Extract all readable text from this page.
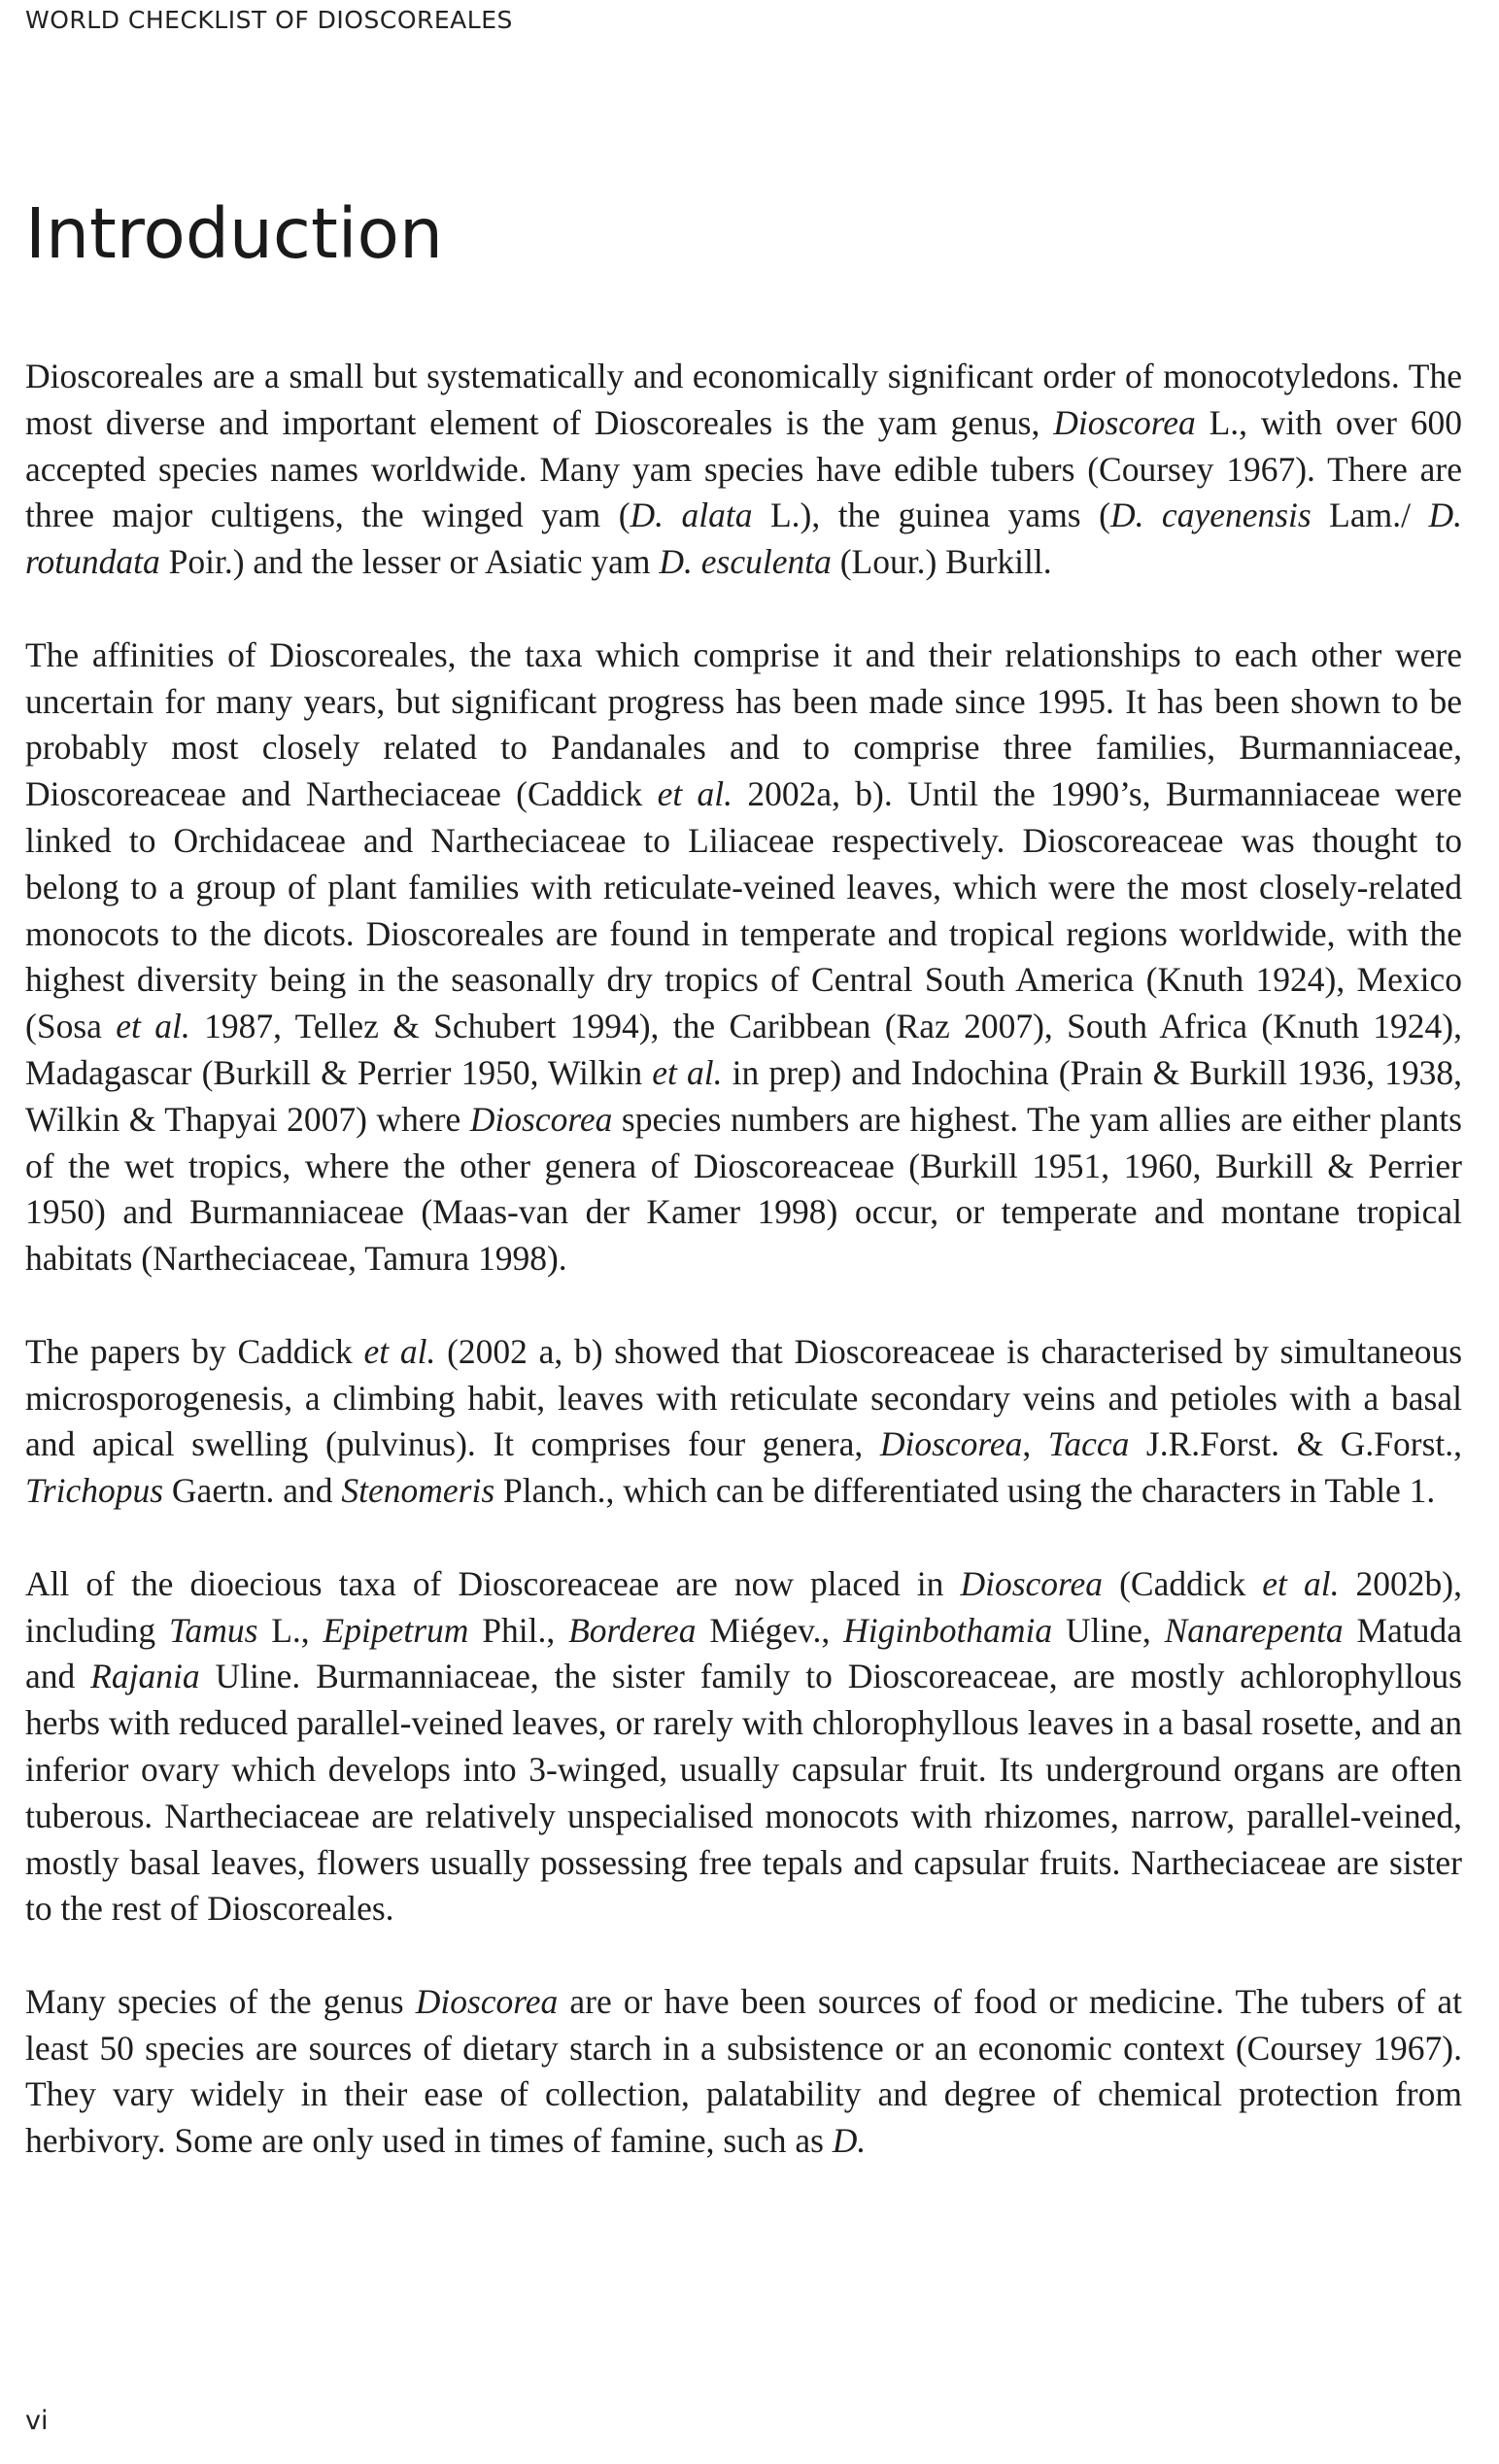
WORLD CHECKLIST OF DIOSCOREALES
Introduction

Dioscoreales are a small but systematically and economically significant order of monocotyledons. The most diverse and important element of Dioscoreales is the yam genus, Dioscorea L., with over 600 accepted species names worldwide. Many yam species have edible tubers (Coursey 1967). There are three major cultigens, the winged yam (D. alata L.), the guinea yams (D. cayenensis Lam./ D. rotundata Poir.) and the lesser or Asiatic yam D. esculenta (Lour.) Burkill.

The affinities of Dioscoreales, the taxa which comprise it and their relationships to each other were uncertain for many years, but significant progress has been made since 1995. It has been shown to be probably most closely related to Pandanales and to comprise three families, Burmanniaceae, Dioscoreaceae and Nartheciaceae (Caddick et al. 2002a, b). Until the 1990’s, Burmanniaceae were linked to Orchidaceae and Nartheciaceae to Liliaceae respectively. Dioscoreaceae was thought to belong to a group of plant families with reticulate-veined leaves, which were the most closely-related monocots to the dicots. Dioscoreales are found in temperate and tropical regions worldwide, with the highest diversity being in the seasonally dry tropics of Central South America (Knuth 1924), Mexico (Sosa et al. 1987, Tellez & Schubert 1994), the Caribbean (Raz 2007), South Africa (Knuth 1924), Madagascar (Burkill & Perrier 1950, Wilkin et al. in prep) and Indochina (Prain & Burkill 1936, 1938, Wilkin & Thapyai 2007) where Dioscorea species numbers are highest. The yam allies are either plants of the wet tropics, where the other genera of Dioscoreaceae (Burkill 1951, 1960, Burkill & Perrier 1950) and Burmanniaceae (Maas-van der Kamer 1998) occur, or temperate and montane tropical habitats (Nartheciaceae, Tamura 1998).

The papers by Caddick et al. (2002 a, b) showed that Dioscoreaceae is characterised by simultaneous microsporogenesis, a climbing habit, leaves with reticulate secondary veins and petioles with a basal and apical swelling (pulvinus). It comprises four genera, Dioscorea, Tacca J.R.Forst. & G.Forst., Trichopus Gaertn. and Stenomeris Planch., which can be differentiated using the characters in Table 1.

All of the dioecious taxa of Dioscoreaceae are now placed in Dioscorea (Caddick et al. 2002b), including Tamus L., Epipetrum Phil., Borderea Miégev., Higinbothamia Uline, Nanarepenta Matuda and Rajania Uline. Burmanniaceae, the sister family to Dioscoreaceae, are mostly achlorophyllous herbs with reduced parallel-veined leaves, or rarely with chlorophyllous leaves in a basal rosette, and an inferior ovary which develops into 3-winged, usually capsular fruit. Its underground organs are often tuberous. Nartheciaceae are relatively unspecialised monocots with rhizomes, narrow, parallel-veined, mostly basal leaves, flowers usually possessing free tepals and capsular fruits. Nartheciaceae are sister to the rest of Dioscoreales.

Many species of the genus Dioscorea are or have been sources of food or medicine. The tubers of at least 50 species are sources of dietary starch in a subsistence or an economic context (Coursey 1967). They vary widely in their ease of collection, palatability and degree of chemical protection from herbivory. Some are only used in times of famine, such as D.

vi
